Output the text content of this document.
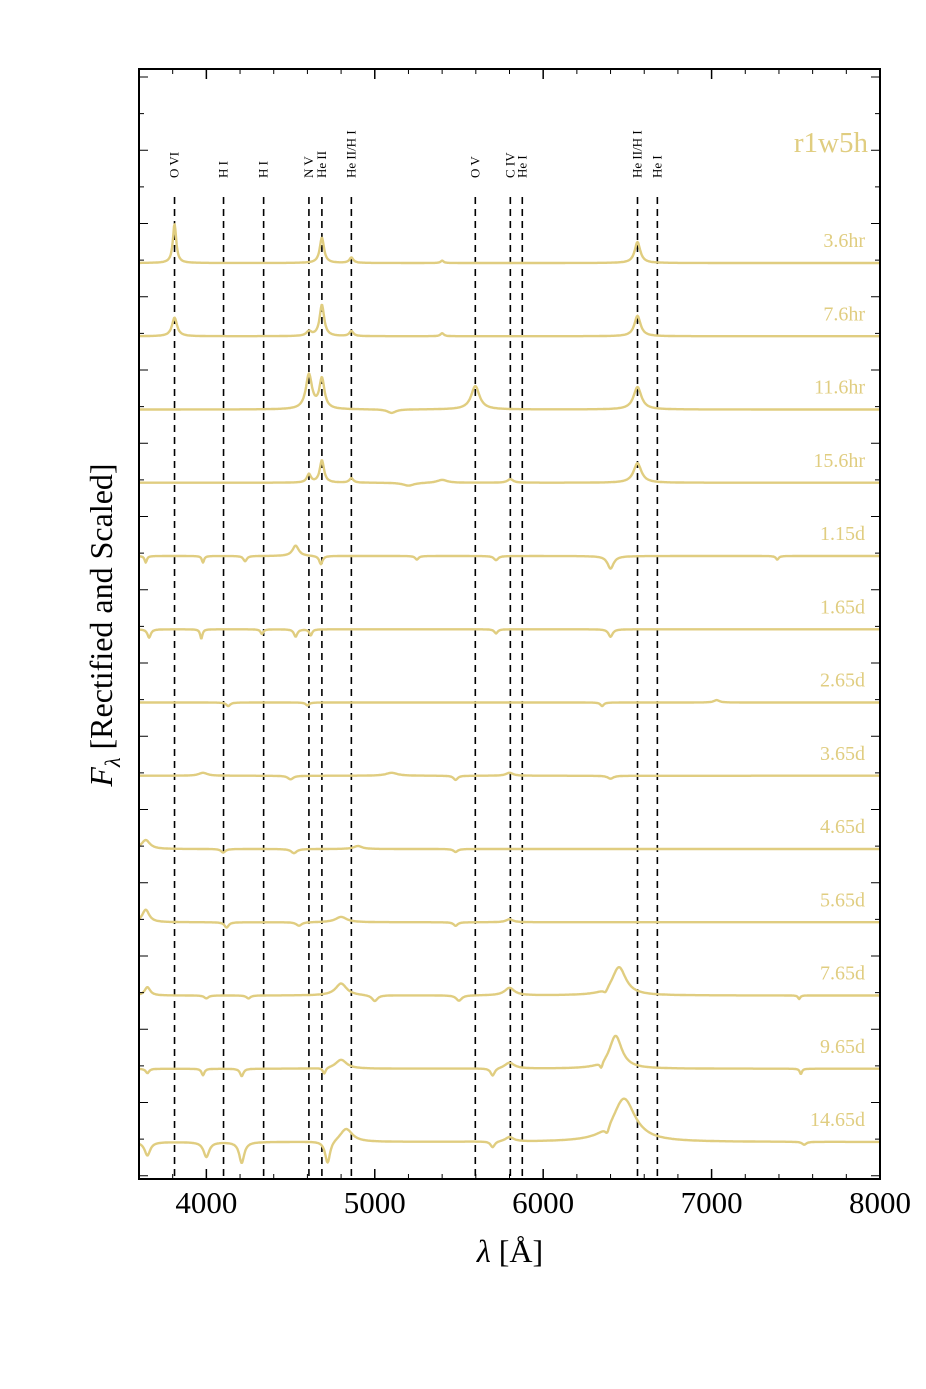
O VI	H I H I N V
He II He II/H I	O V C IV
He I	He II/H I He I
3.6hr
7.6hr
11.6hr
15.6hr
1.15d
1.65d
2.65d
3.65d
4.65d
5.65d
7.65d
9.65d
14.65d
4000	5000	6000	7000	8000
r1w5h
λ [Å]
$F_\lambda[Rectified$ and Scaled]
